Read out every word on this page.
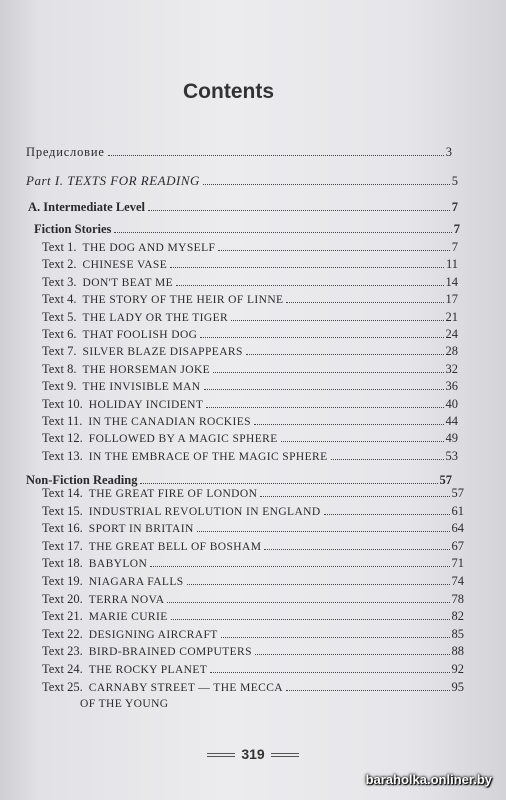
Contents
Предисловие	3
Part I. TEXTS FOR READING	5
A. Intermediate Level	7
Fiction Stories	7
Text 1. THE DOG AND MYSELF	7
Text 2. CHINESE VASE	11
Text 3. DON'T BEAT ME	14
Text 4. THE STORY OF THE HEIR OF LINNE	17
Text 5. THE LADY OR THE TIGER	21
Text 6. THAT FOOLISH DOG	24
Text 7. SILVER BLAZE DISAPPEARS	28
Text 8. THE HORSEMAN JOKE	32
Text 9. THE INVISIBLE MAN	36
Text 10. HOLIDAY INCIDENT	40
Text 11. IN THE CANADIAN ROCKIES	44
Text 12. FOLLOWED BY A MAGIC SPHERE	49
Text 13. IN THE EMBRACE OF THE MAGIC SPHERE	53
Non-Fiction Reading	57
Text 14. THE GREAT FIRE OF LONDON	57
Text 15. INDUSTRIAL REVOLUTION IN ENGLAND	61
Text 16. SPORT IN BRITAIN	64
Text 17. THE GREAT BELL OF BOSHAM	67
Text 18. BABYLON	71
Text 19. NIAGARA FALLS	74
Text 20. TERRA NOVA	78
Text 21. MARIE CURIE	82
Text 22. DESIGNING AIRCRAFT	85
Text 23. BIRD-BRAINED COMPUTERS	88
Text 24. THE ROCKY PLANET	92
Text 25. CARNABY STREET — THE MECCA	95
OF THE YOUNG
319
baraholka.onliner.by
